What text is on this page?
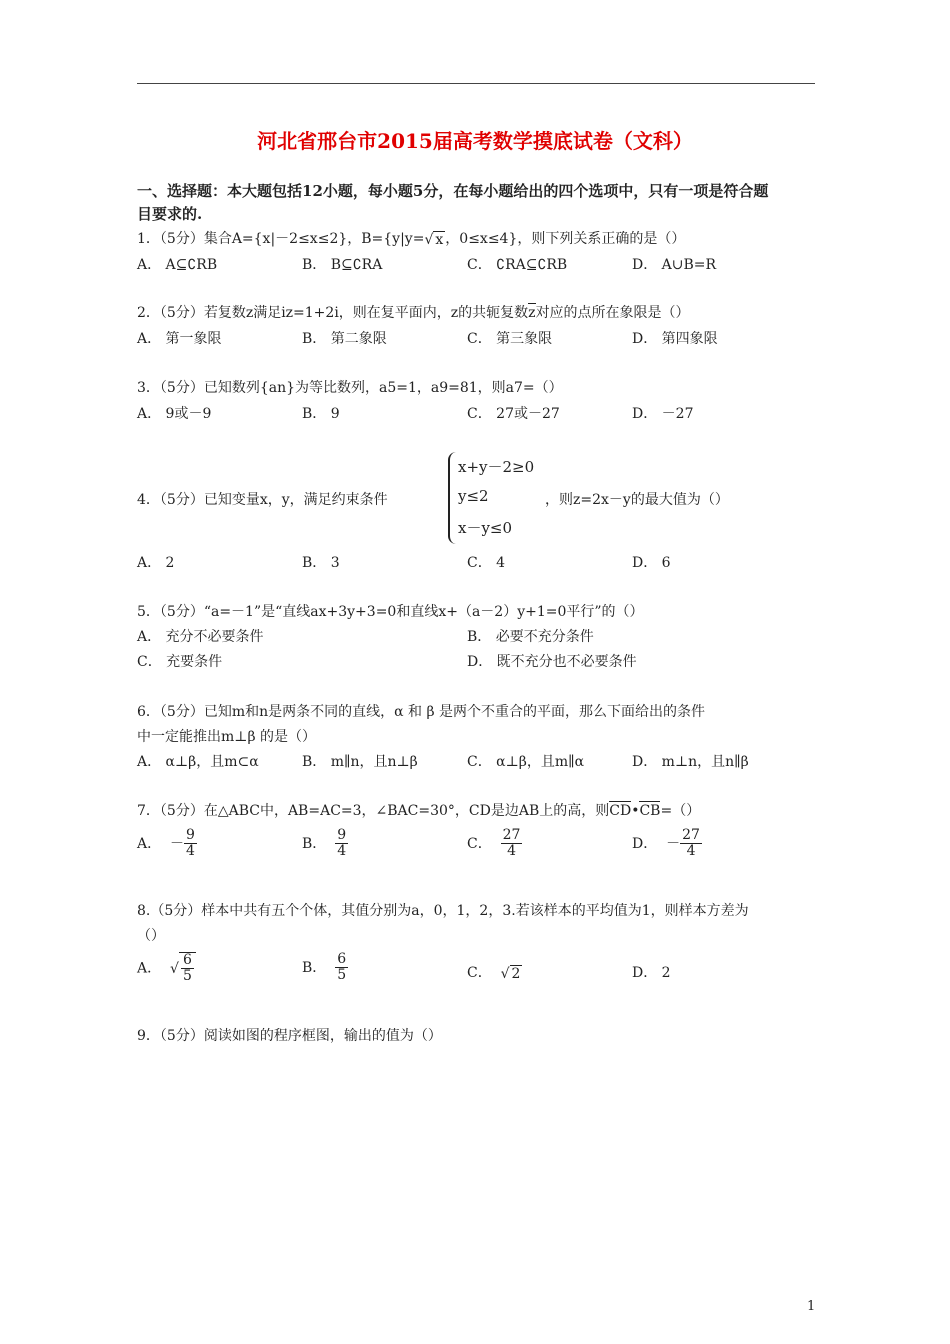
河北省邢台市2015届高考数学摸底试卷（文科）
一、选择题：本大题包括12小题，每小题5分，在每小题给出的四个选项中，只有一项是符合题
目要求的.
1．（5分）集合A={x|－2≤x≤2}，B={y|y=√ x ，0≤x≤4}，则下列关系正确的是（）
A． A⊆∁RB	B． B⊆∁RA	C． ∁RA⊆∁RB	D． A∪B=R
2．（5分）若复数z满足iz=1+2i，则在复平面内，z的共轭复数z对应的点所在象限是（）
A． 第一象限	B． 第二象限	C． 第三象限	D． 第四象限
3．（5分）已知数列{an}为等比数列，a5=1，a9=81，则a7=（）
A． 9或－9	B． 9	C． 27或－27	D． －27
4．（5分）已知变量x，y，满足约束条件
x+y－2≥0
y≤2
x－y≤0
，则z=2x－y的最大值为（）
A． 2	B． 3	C． 4	D． 6
5．（5分）“a=－1”是“直线ax+3y+3=0和直线x+（a－2）y+1=0平行”的（）
A． 充分不必要条件	B． 必要不充分条件
C． 充要条件	D． 既不充分也不必要条件
6．（5分）已知m和n是两条不同的直线，α 和 β 是两个不重合的平面，那么下面给出的条件
中一定能推出m⊥β 的是（）
A． α⊥β，且m⊂α	B． m∥n，且n⊥β	C． α⊥β，且m∥α	D． m⊥n，且n∥β
7．（5分）在△ABC中，AB=AC=3，∠BAC=30°，CD是边AB上的高，则CD•CB=（）
A． － $\frac{9}{4}$	B． $\frac{9}{4}$	C． $\frac{27}{4}$	D． － $\frac{27}{4}$
8.（5分）样本中共有五个个体，其值分别为a，0，1，2，3.若该样本的平均值为1，则样本方差为
（）
A． √ $\frac{6}{5}$	B． $\frac{6}{5}$	C． √ 2	D． 2
9．（5分）阅读如图的程序框图，输出的值为（）
1
